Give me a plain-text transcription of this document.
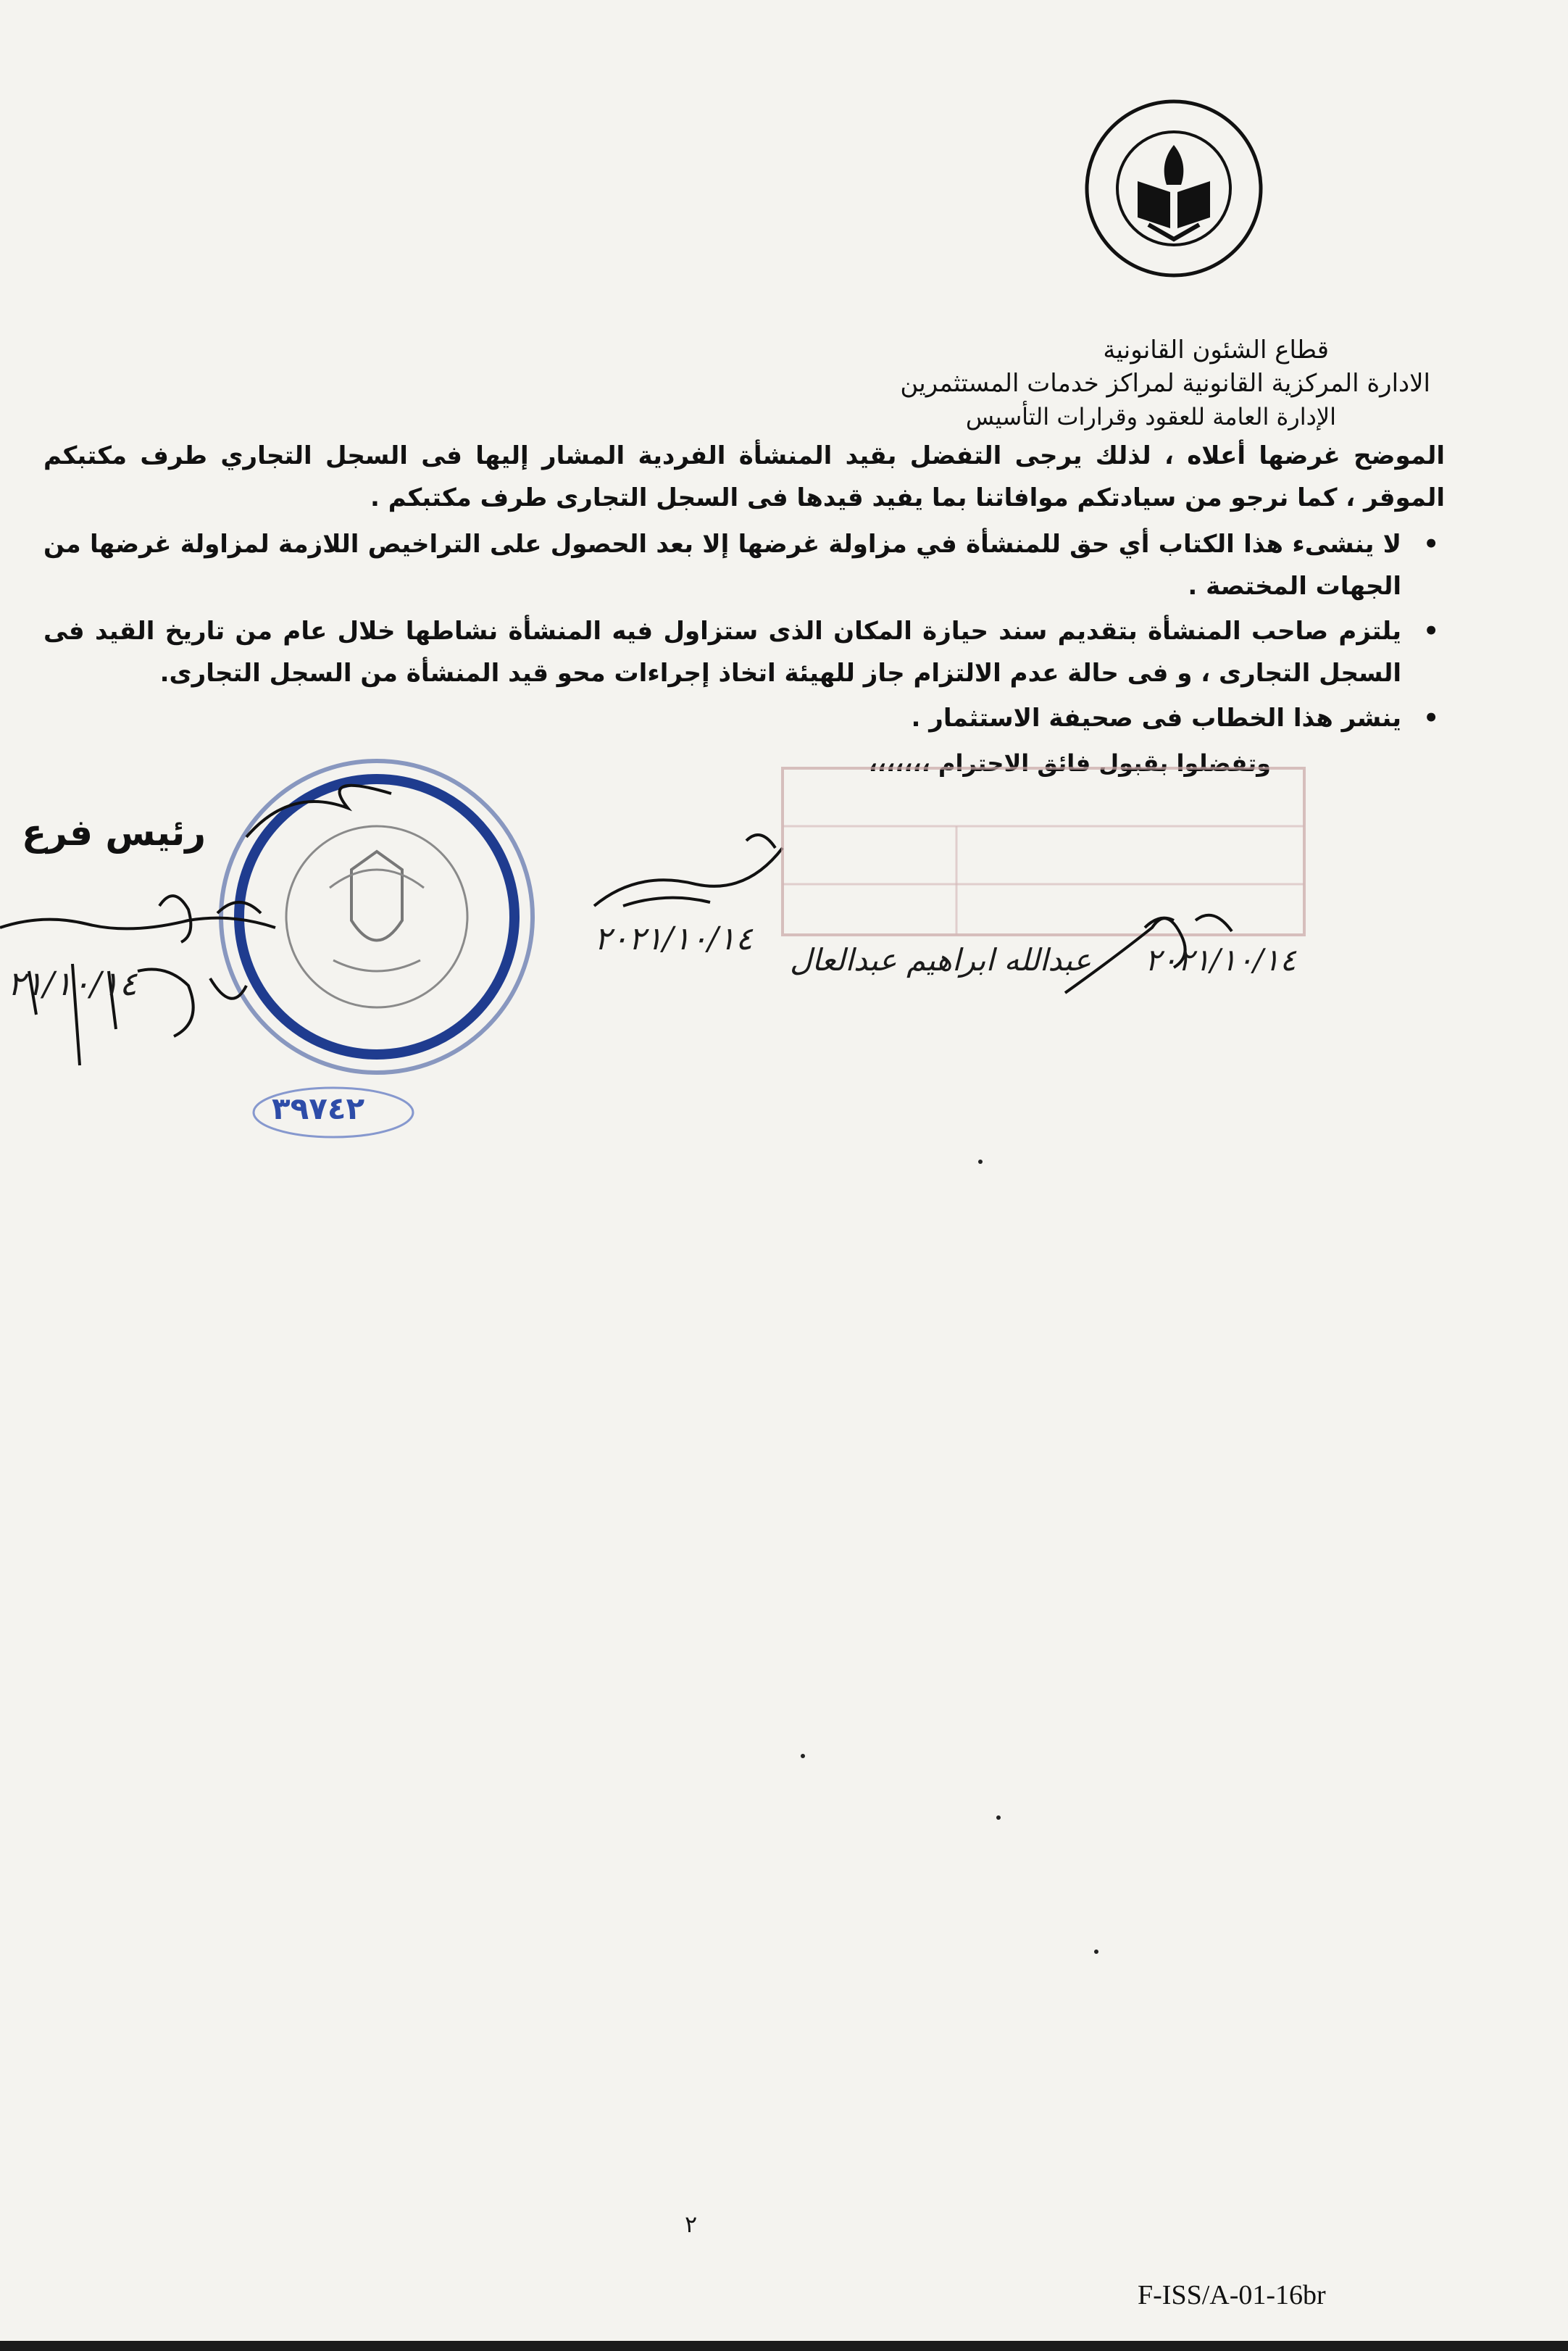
قطاع الشئون القانونية
الادارة المركزية القانونية لمراكز خدمات المستثمرين
الإدارة العامة للعقود وقرارات التأسيس

الموضح غرضها أعلاه ، لذلك يرجى التفضل بقيد المنشأة الفردية المشار إليها فى السجل التجاري طرف مكتبكم الموقر ، كما نرجو من سيادتكم موافاتنا بما يفيد قيدها فى السجل التجارى طرف مكتبكم .

•
لا ينشىء هذا الكتاب أي حق للمنشأة في مزاولة غرضها إلا بعد الحصول على التراخيص اللازمة لمزاولة غرضها من الجهات المختصة .
•
يلتزم صاحب المنشأة بتقديم سند حيازة المكان الذى ستزاول فيه المنشأة نشاطها خلال عام من تاريخ القيد فى السجل التجارى ، و فى حالة عدم الالتزام جاز للهيئة اتخاذ إجراءات محو قيد المنشأة من السجل التجارى.
•
ينشر هذا الخطاب فى صحيفة الاستثمار .
وتفضلوا بقبول فائق الاحترام ،،،،،،،
رئيس فرع
٢١/١٠/١٤
٢٠٢١/١٠/١٤
عبدالله ابراهيم عبدالعال ٢٠٢١/١٠/١٤
٣٩٧٤٢
٢
F-ISS/A-01-16br
